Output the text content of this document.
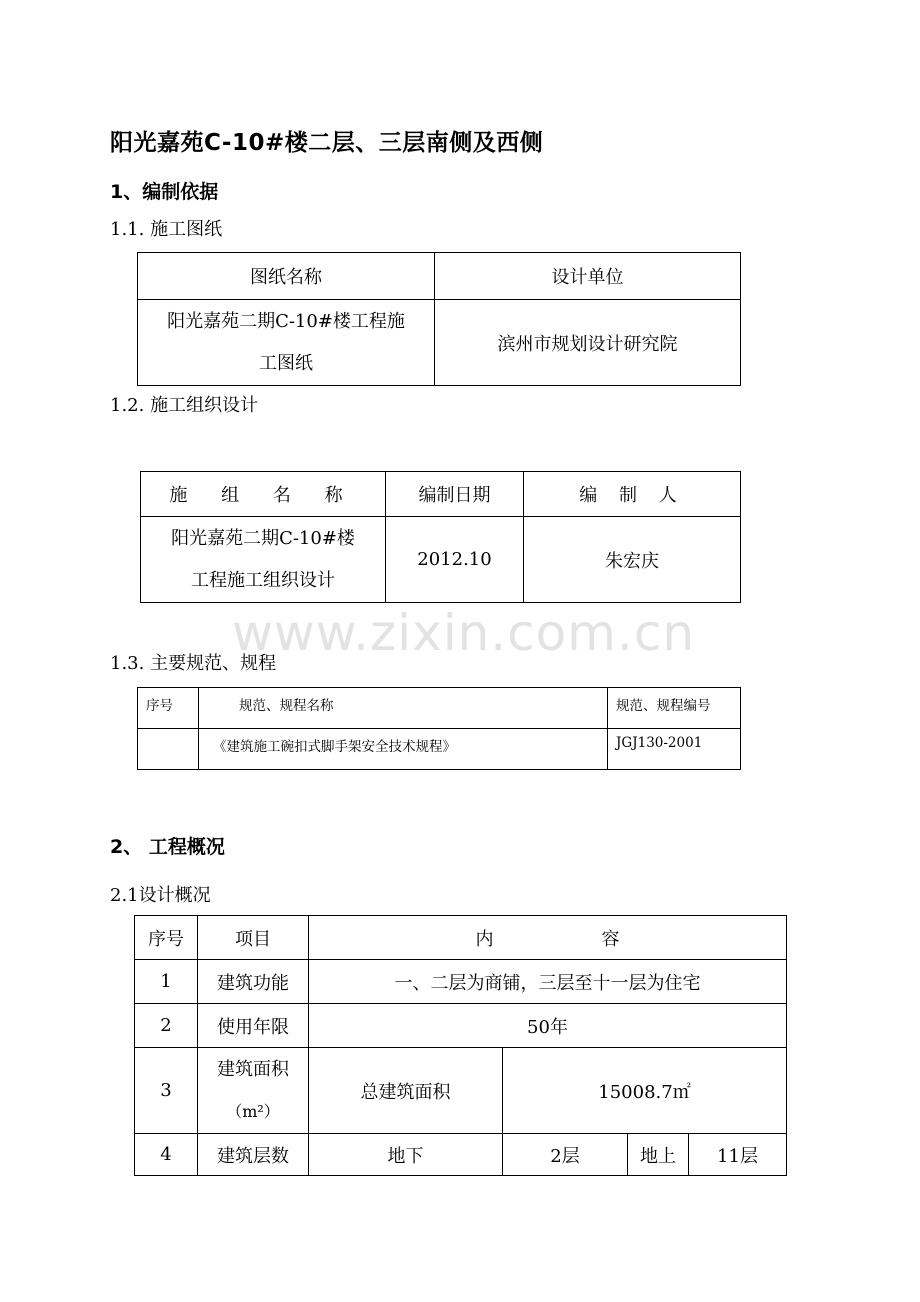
阳光嘉苑C-10#楼二层、三层南侧及西侧
1、编制依据
1.1. 施工图纸
图纸名称	设计单位

阳光嘉苑二期C-10#楼工程施
工图纸	滨州市规划设计研究院
1.2. 施工组织设计
施 组 名 称	编制日期	编 制 人

阳光嘉苑二期C-10#楼
工程施工组织设计	2012.10	朱宏庆
www.zixin.com.cn
1.3. 主要规范、规程
序号	规范、规程名称	规范、规程编号
	《建筑施工碗扣式脚手架安全技术规程》	JGJ130-2001
2、 工程概况
2.1设计概况
序号	项目	内　　　　　　容			
1	建筑功能	一、二层为商铺，三层至十一层为住宅			
2	使用年限	50年			
3	建筑面积
（m²）	总建筑面积	15008.7㎡		
4	建筑层数	地下	2层	地上	11层
